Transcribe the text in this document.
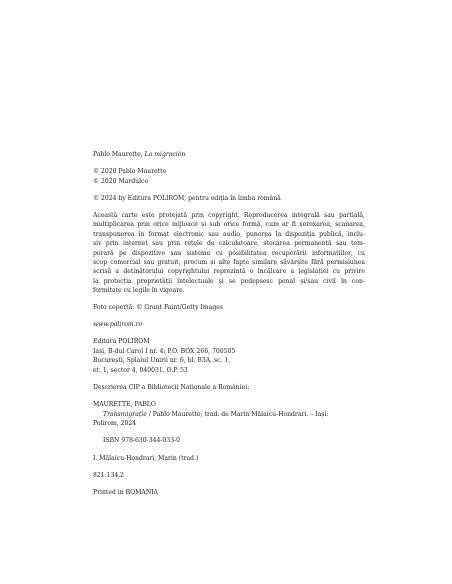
Pablo Maurette, La migración
© 2020 Pablo Maurette
© 2020 Mardulce
© 2024 by Editura POLIROM, pentru ediția în limba română
Această carte este protejată prin copyright. Reproducerea integrală sau parțială,
multiplicarea prin orice mijloace și sub orice formă, cum ar fi xeroxarea, scanarea,
transpunerea în format electronic sau audio, punerea la dispoziția publică, inclu-
siv prin internet sau prin rețele de calculatoare, stocarea permanentă sau tem-
porară pe dispozitive sau sisteme cu posibilitatea recuperării informațiilor, cu
scop comercial sau gratuit, precum și alte fapte similare săvârșite fără permisiunea
scrisă a deținătorului copyrightului reprezintă o încălcare a legislației cu privire
la protecția proprietății intelectuale și se pedepsesc penal și/sau civil în con-
formitate cu legile în vigoare.
Foto copertă: © Grant Faint/Getty Images
www.polirom.ro
Editura POLIROM
Iași, B-dul Carol I nr. 4; P.O. BOX 266, 700505
București, Splaiul Unirii nr. 6, bl. B3A, sc. 1,
et. 1, sector 4, 040031, O.P. 53
Descrierea CIP a Bibliotecii Naționale a României:
MAURETTE, PABLO
Transmigrație / Pablo Maurette; trad. de Marin Mălaicu-Hondrari. – Iași:
Polirom, 2024
ISBN 978-630-344-033-0
I. Mălaicu-Hondrari, Marin (trad.)
821.134.2
Printed in ROMANIA
